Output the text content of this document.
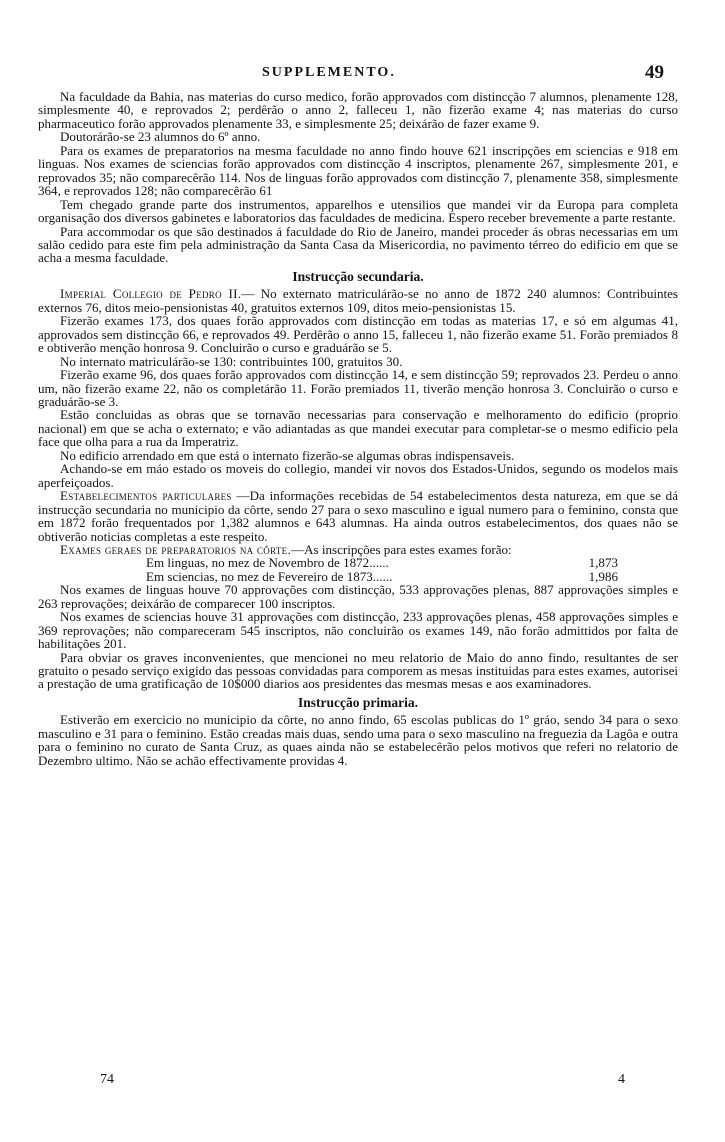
SUPPLEMENTO.	49

Na faculdade da Bahia, nas materias do curso medico, forão approvados com distincção 7 alumnos, plenamente 128, simplesmente 40, e reprovados 2; perdêrão o anno 2, falleceu 1, não fizerão exame 4; nas materias do curso pharmaceutico forão approvados plenamente 33, e simplesmente 25; deixárão de fazer exame 9.

Doutorárão-se 23 alumnos do 6º anno.

Para os exames de preparatorios na mesma faculdade no anno findo houve 621 inscripções em sciencias e 918 em linguas. Nos exames de sciencias forão approvados com distincção 4 inscriptos, plenamente 267, simplesmente 201, e reprovados 35; não comparecêrão 114. Nos de linguas forão approvados com distincção 7, plenamente 358, simplesmente 364, e reprovados 128; não comparecêrão 61

Tem chegado grande parte dos instrumentos, apparelhos e utensilios que mandei vir da Europa para completa organisação dos diversos gabinetes e laboratorios das faculdades de medicina. Espero receber brevemente a parte restante.

Para accommodar os que são destinados á faculdade do Rio de Janeiro, mandei proceder ás obras necessarias em um salão cedido para este fim pela administração da Santa Casa da Misericordia, no pavimento térreo do edificio em que se acha a mesma faculdade.

Instrucção secundaria.

Imperial Collegio de Pedro II.— No externato matriculárão-se no anno de 1872 240 alumnos: Contribuintes externos 76, ditos meio-pensionistas 40, gratuitos externos 109, ditos meio-pensionistas 15.

Fizerão exames 173, dos quaes forão approvados com distincção em todas as materias 17, e só em algumas 41, approvados sem distincção 66, e reprovados 49. Perdêrão o anno 15, falleceu 1, não fizerão exame 51. Forão premiados 8 e obtiverão menção honrosa 9. Concluirão o curso e graduárão se 5.

No internato matriculárão-se 130: contribuintes 100, gratuitos 30.

Fizerão exame 96, dos quaes forão approvados com distincção 14, e sem distincção 59; reprovados 23. Perdeu o anno um, não fizerão exame 22, não os completárão 11. Forão premiados 11, tiverão menção honrosa 3. Concluirão o curso e graduárão-se 3.

Estão concluidas as obras que se tornavão necessarias para conservação e melhoramento do edificio (proprio nacional) em que se acha o externato; e vão adiantadas as que mandei executar para completar-se o mesmo edificio pela face que olha para a rua da Imperatriz.

No edificio arrendado em que está o internato fizerão-se algumas obras indispensaveis.

Achando-se em máo estado os moveis do collegio, mandei vir novos dos Estados-Unidos, segundo os modelos mais aperfeiçoados.

Estabelecimentos particulares —Da informações recebidas de 54 estabelecimentos desta natureza, em que se dá instrucção secundaria no municipio da côrte, sendo 27 para o sexo masculino e igual numero para o feminino, consta que em 1872 forão frequentados por 1,382 alumnos e 643 alumnas. Ha ainda outros estabelecimentos, dos quaes não se obtiverão noticias completas a este respeito.

Exames geraes de preparatorios na côrte.—As inscripções para estes exames forão:

Em linguas, no mez de Novembro de 1872......	1,873
Em sciencias, no mez de Fevereiro de 1873......	1,986

Nos exames de linguas houve 70 approvações com distincção, 533 approvações plenas, 887 approvações simples e 263 reprovações; deixárão de comparecer 100 inscriptos.

Nos exames de sciencias houve 31 approvações com distincção, 233 approvações plenas, 458 approvações simples e 369 reprovações; não compareceram 545 inscriptos, não concluirão os exames 149, não forão admittidos por falta de habilitações 201.

Para obviar os graves inconvenientes, que mencionei no meu relatorio de Maio do anno findo, resultantes de ser gratuito o pesado serviço exigido das pessoas convidadas para comporem as mesas instituidas para estes exames, autorisei a prestação de uma gratificação de 10$000 diarios aos presidentes das mesmas mesas e aos examinadores.

Instrucção primaria.

Estiverão em exercicio no municipio da côrte, no anno findo, 65 escolas publicas do 1º gráo, sendo 34 para o sexo masculino e 31 para o feminino. Estão creadas mais duas, sendo uma para o sexo masculino na freguezia da Lagôa e outra para o feminino no curato de Santa Cruz, as quaes ainda não se estabelecêrão pelos motivos que referi no relatorio de Dezembro ultimo. Não se achão effectivamente providas 4.

74	4
